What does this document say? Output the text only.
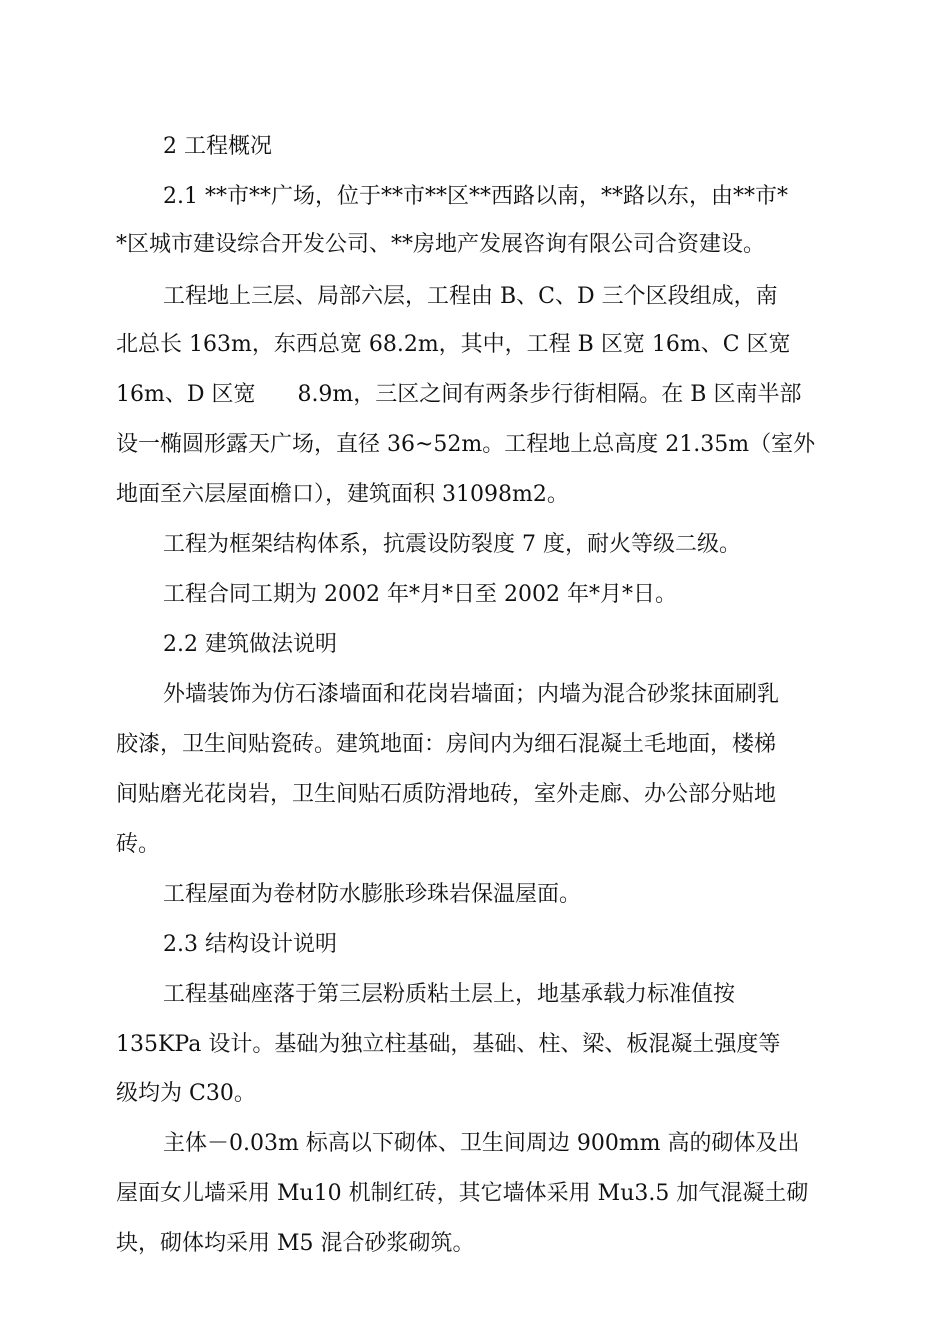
2 工程概况
2.1 **市**广场，位于**市**区**西路以南，**路以东，由**市*
*区城市建设综合开发公司、**房地产发展咨询有限公司合资建设。
工程地上三层、局部六层，工程由 B、C、D 三个区段组成，南
北总长 163m，东西总宽 68.2m，其中，工程 B 区宽 16m、C 区宽
16m、D 区宽      8.9m，三区之间有两条步行街相隔。在 B 区南半部
设一椭圆形露天广场，直径 36~52m。工程地上总高度 21.35m（室外
地面至六层屋面檐口），建筑面积 31098m2。
工程为框架结构体系，抗震设防裂度 7 度，耐火等级二级。
工程合同工期为 2002 年*月*日至 2002 年*月*日。
2.2 建筑做法说明
外墙装饰为仿石漆墙面和花岗岩墙面；内墙为混合砂浆抹面刷乳
胶漆，卫生间贴瓷砖。建筑地面：房间内为细石混凝土毛地面，楼梯
间贴磨光花岗岩，卫生间贴石质防滑地砖，室外走廊、办公部分贴地
砖。
工程屋面为卷材防水膨胀珍珠岩保温屋面。
2.3 结构设计说明
工程基础座落于第三层粉质粘土层上，地基承载力标准值按
135KPa 设计。基础为独立柱基础，基础、柱、梁、板混凝土强度等
级均为 C30。
主体－0.03m 标高以下砌体、卫生间周边 900mm 高的砌体及出
屋面女儿墙采用 Mu10 机制红砖，其它墙体采用 Mu3.5 加气混凝土砌
块，砌体均采用 M5 混合砂浆砌筑。
